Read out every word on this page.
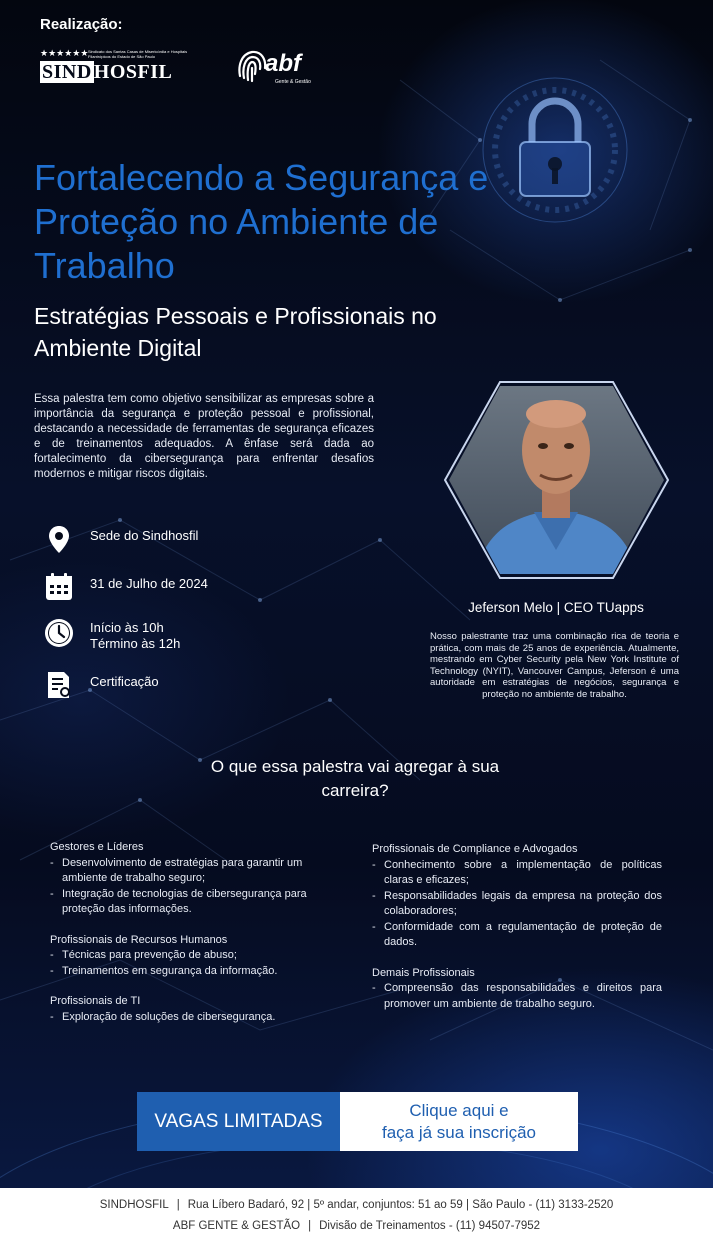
Realização:
★★★★★★ Sindicato dos Santas Casas de Misericórdia e Hospitais Filantrópicos do Estado de São Paulo
SIND HOSFIL	abf
Gente & Gestão
Fortalecendo a Segurança e Proteção no Ambiente de Trabalho
Estratégias Pessoais e Profissionais no Ambiente Digital
Essa palestra tem como objetivo sensibilizar as empresas sobre a importância da segurança e proteção pessoal e profissional, destacando a necessidade de ferramentas de segurança eficazes e de treinamentos adequados. A ênfase será dada ao fortalecimento da cibersegurança para enfrentar desafios modernos e mitigar riscos digitais.
Sede do Sindhosfil
31 de Julho de 2024
Início às 10h
Término às 12h
Certificação
Jeferson Melo | CEO TUapps
Nosso palestrante traz uma combinação rica de teoria e prática, com mais de 25 anos de experiência. Atualmente, mestrando em Cyber Security pela New York Institute of Technology (NYIT), Vancouver Campus, Jeferson é uma autoridade em estratégias de negócios, segurança e proteção no ambiente de trabalho.
O que essa palestra vai agregar à sua carreira?
Gestores e Líderes
- Desenvolvimento de estratégias para garantir um ambiente de trabalho seguro;
- Integração de tecnologias de cibersegurança para proteção das informações.
Profissionais de Recursos Humanos
- Técnicas para prevenção de abuso;
- Treinamentos em segurança da informação.
Profissionais de TI
- Exploração de soluções de cibersegurança.
Profissionais de Compliance e Advogados
- Conhecimento sobre a implementação de políticas claras e eficazes;
- Responsabilidades legais da empresa na proteção dos colaboradores;
- Conformidade com a regulamentação de proteção de dados.
Demais Profissionais
- Compreensão das responsabilidades e direitos para promover um ambiente de trabalho seguro.
VAGAS LIMITADAS
Clique aqui e
faça já sua inscrição
SINDHOSFIL | Rua Líbero Badaró, 92 | 5º andar, conjuntos: 51 ao 59 | São Paulo - (11) 3133-2520
ABF GENTE & GESTÃO | Divisão de Treinamentos - (11) 94507-7952
